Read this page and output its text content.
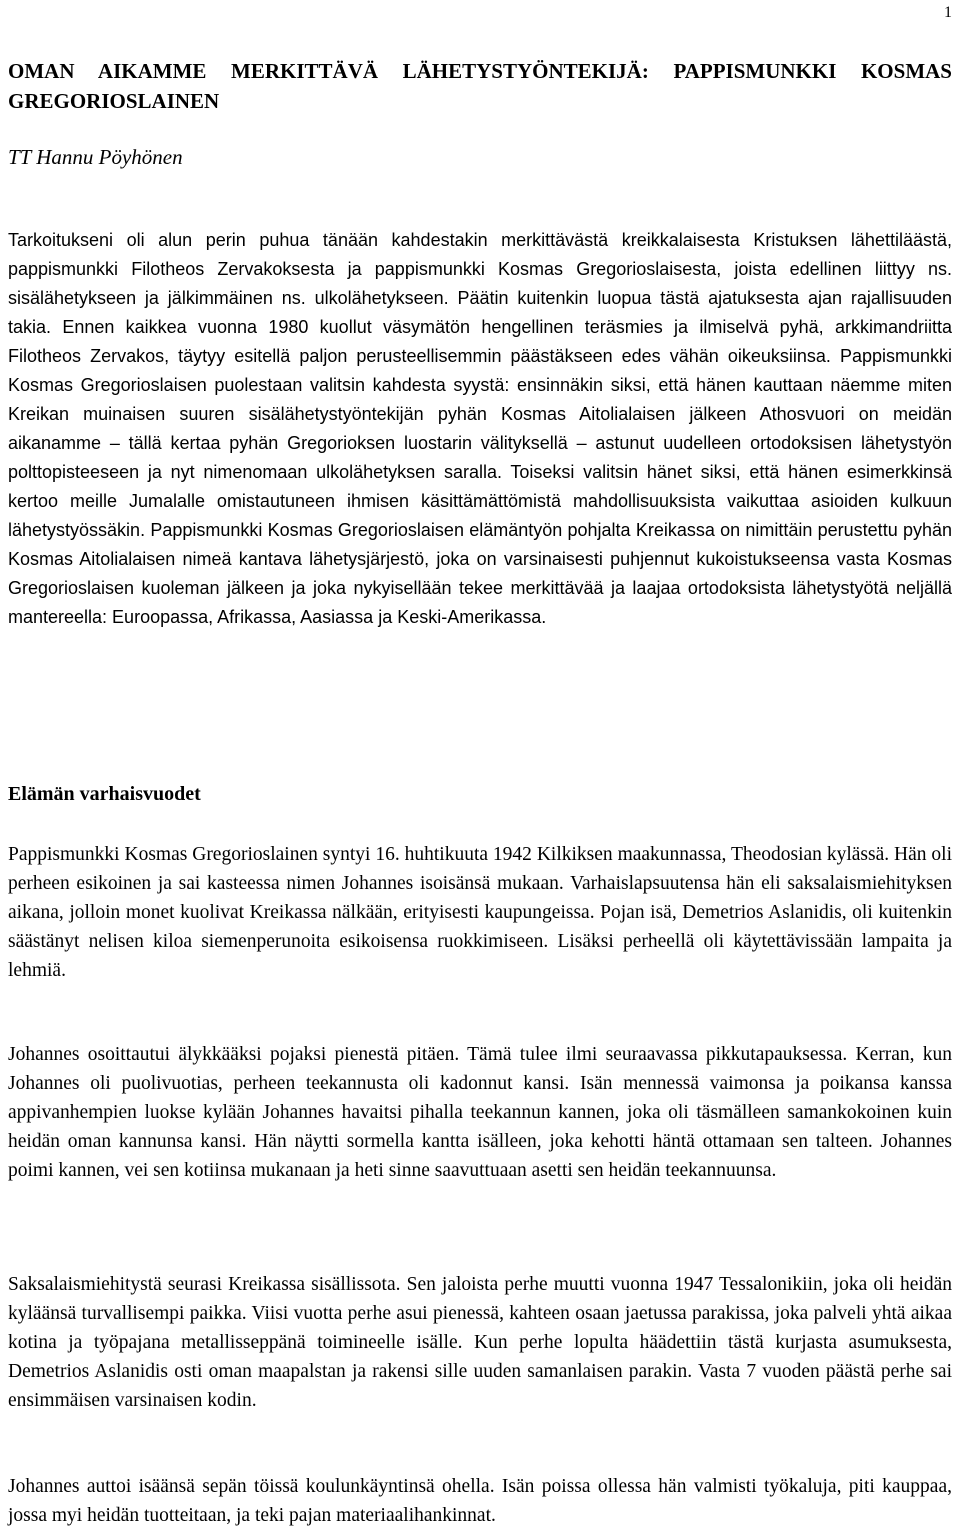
1
OMAN AIKAMME MERKITTÄVÄ LÄHETYSTYÖNTEKIJÄ: PAPPISMUNKKI KOSMAS GREGORIOSLAINEN
TT Hannu Pöyhönen

Tarkoitukseni oli alun perin puhua tänään kahdestakin merkittävästä kreikkalaisesta Kristuksen lähettiläästä, pappismunkki Filotheos Zervakoksesta ja pappismunkki Kosmas Gregorioslaisesta, joista edellinen liittyy ns. sisälähetykseen ja jälkimmäinen ns. ulkolähetykseen. Päätin kuitenkin luopua tästä ajatuksesta ajan rajallisuuden takia. Ennen kaikkea vuonna 1980 kuollut väsymätön hengellinen teräsmies ja ilmiselvä pyhä, arkkimandriitta Filotheos Zervakos, täytyy esitellä paljon perusteellisemmin päästäkseen edes vähän oikeuksiinsa. Pappismunkki Kosmas Gregorioslaisen puolestaan valitsin kahdesta syystä: ensinnäkin siksi, että hänen kauttaan näemme miten Kreikan muinaisen suuren sisälähetystyöntekijän pyhän Kosmas Aitolialaisen jälkeen Athosvuori on meidän aikanamme – tällä kertaa pyhän Gregorioksen luostarin välityksellä – astunut uudelleen ortodoksisen lähetystyön polttopisteeseen ja nyt nimenomaan ulkolähetyksen saralla. Toiseksi valitsin hänet siksi, että hänen esimerkkinsä kertoo meille Jumalalle omistautuneen ihmisen käsittämättömistä mahdollisuuksista vaikuttaa asioiden kulkuun lähetystyössäkin. Pappismunkki Kosmas Gregorioslaisen elämäntyön pohjalta Kreikassa on nimittäin perustettu pyhän Kosmas Aitolialaisen nimeä kantava lähetysjärjestö, joka on varsinaisesti puhjennut kukoistukseensa vasta Kosmas Gregorioslaisen kuoleman jälkeen ja joka nykyisellään tekee merkittävää ja laajaa ortodoksista lähetystyötä neljällä mantereella: Euroopassa, Afrikassa, Aasiassa ja Keski-Amerikassa.

Elämän varhaisvuodet

Pappismunkki Kosmas Gregorioslainen syntyi 16. huhtikuuta 1942 Kilkiksen maakunnassa, Theodosian kylässä. Hän oli perheen esikoinen ja sai kasteessa nimen Johannes isoisänsä mukaan. Varhaislapsuutensa hän eli saksalaismiehityksen aikana, jolloin monet kuolivat Kreikassa nälkään, erityisesti kaupungeissa. Pojan isä, Demetrios Aslanidis, oli kuitenkin säästänyt nelisen kiloa siemenperunoita esikoisensa ruokkimiseen. Lisäksi perheellä oli käytettävissään lampaita ja lehmiä.

Johannes osoittautui älykkääksi pojaksi pienestä pitäen. Tämä tulee ilmi seuraavassa pikkutapauksessa. Kerran, kun Johannes oli puolivuotias, perheen teekannusta oli kadonnut kansi. Isän mennessä vaimonsa ja poikansa kanssa appivanhempien luokse kylään Johannes havaitsi pihalla teekannun kannen, joka oli täsmälleen samankokoinen kuin heidän oman kannunsa kansi. Hän näytti sormella kantta isälleen, joka kehotti häntä ottamaan sen talteen. Johannes poimi kannen, vei sen kotiinsa mukanaan ja heti sinne saavuttuaan asetti sen heidän teekannuunsa.

Saksalaismiehitystä seurasi Kreikassa sisällissota. Sen jaloista perhe muutti vuonna 1947 Tessalonikiin, joka oli heidän kyläänsä turvallisempi paikka. Viisi vuotta perhe asui pienessä, kahteen osaan jaetussa parakissa, joka palveli yhtä aikaa kotina ja työpajana metallisseppänä toimineelle isälle. Kun perhe lopulta häädettiin tästä kurjasta asumuksesta, Demetrios Aslanidis osti oman maapalstan ja rakensi sille uuden samanlaisen parakin. Vasta 7 vuoden päästä perhe sai ensimmäisen varsinaisen kodin.

Johannes auttoi isäänsä sepän töissä koulunkäyntinsä ohella. Isän poissa ollessa hän valmisti työkaluja, piti kauppaa, jossa myi heidän tuotteitaan, ja teki pajan materiaalihankinnat.
